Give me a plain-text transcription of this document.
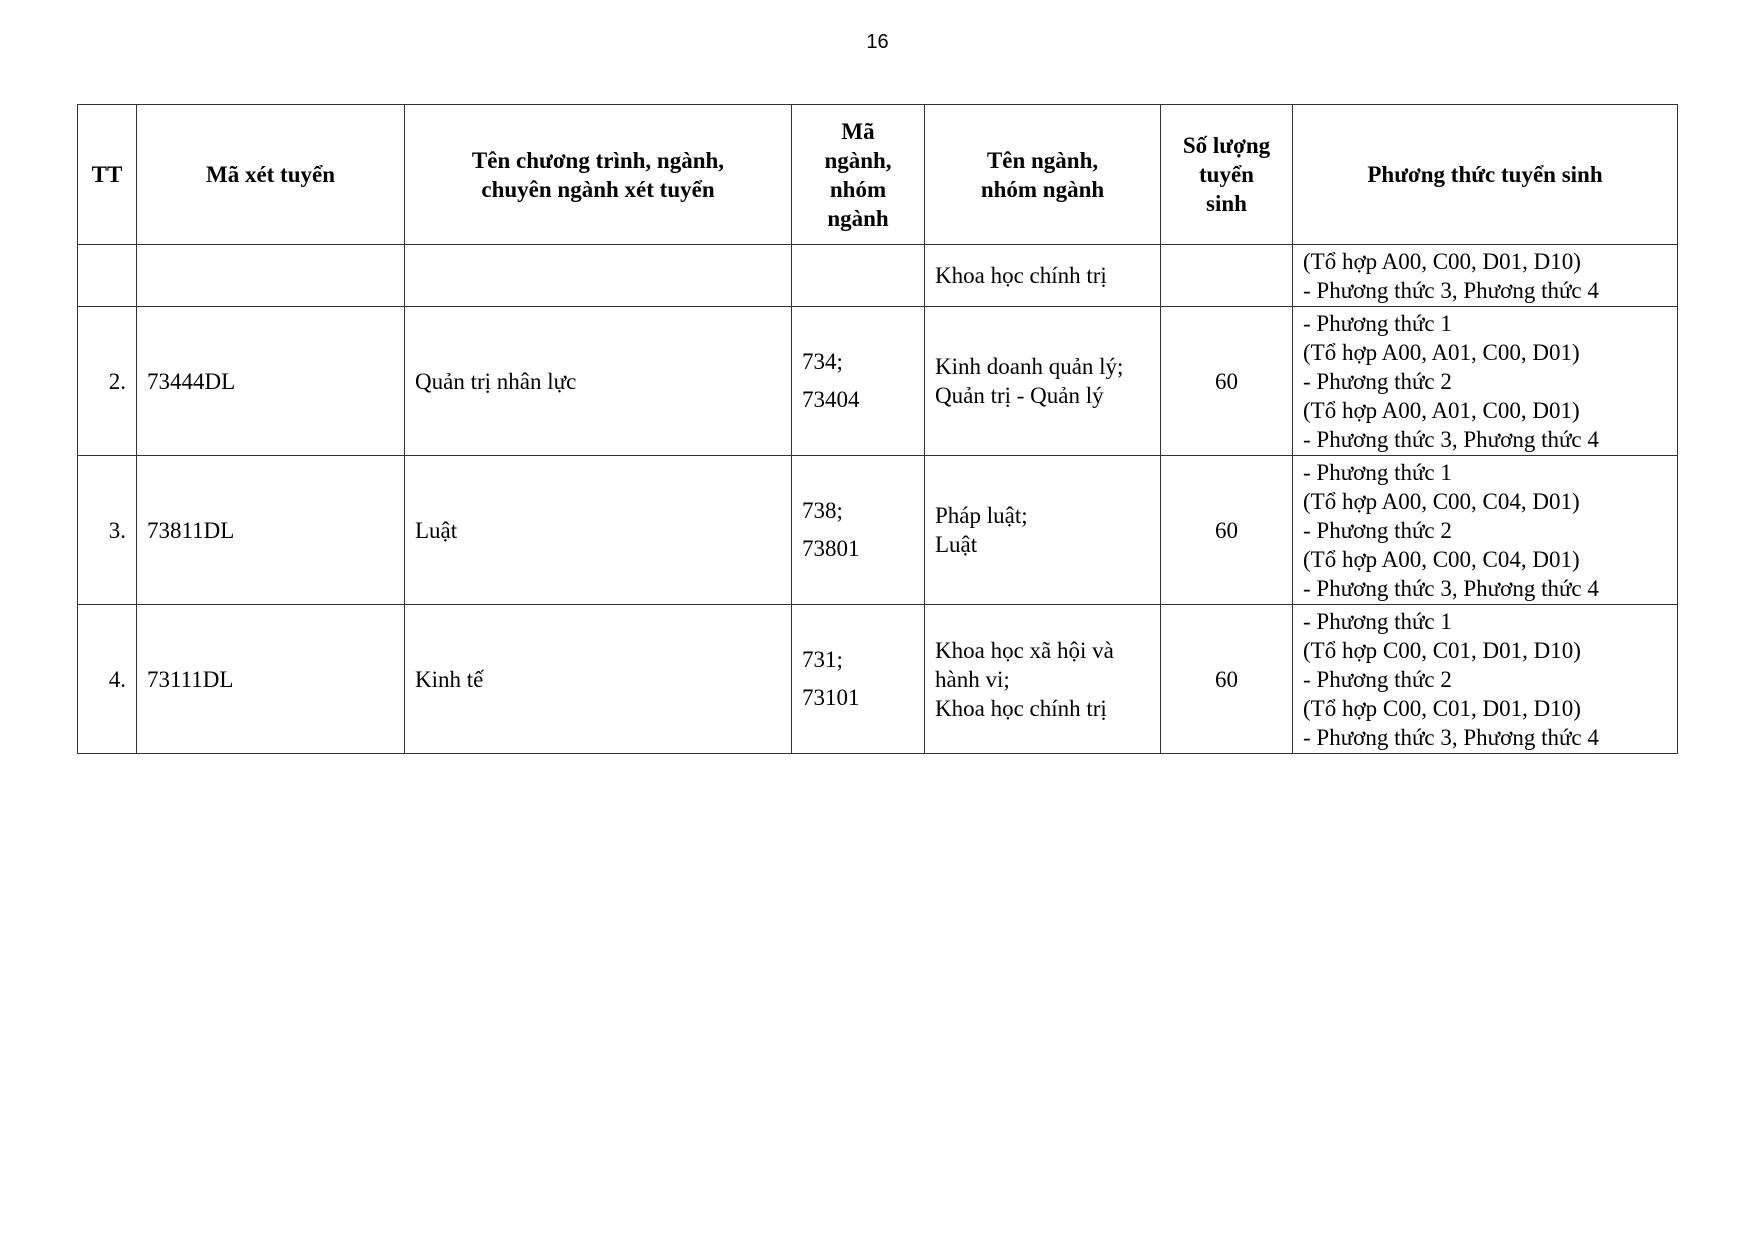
16
TT	Mã xét tuyển	Tên chương trình, ngành,
chuyên ngành xét tuyển	Mã
ngành,
nhóm
ngành	Tên ngành,
nhóm ngành	Số lượng
tuyển
sinh	Phương thức tuyển sinh
				Khoa học chính trị		(Tổ hợp A00, C00, D01, D10)
- Phương thức 3, Phương thức 4

2.	73444DL	Quản trị nhân lực	734;
73404	Kinh doanh quản lý;
Quản trị - Quản lý	60	- Phương thức 1
(Tổ hợp A00, A01, C00, D01)
- Phương thức 2
(Tổ hợp A00, A01, C00, D01)
- Phương thức 3, Phương thức 4

3.	73811DL	Luật	738;
73801	Pháp luật;
Luật	60	- Phương thức 1
(Tổ hợp A00, C00, C04, D01)
- Phương thức 2
(Tổ hợp A00, C00, C04, D01)
- Phương thức 3, Phương thức 4

4.	73111DL	Kinh tế	731;
73101	Khoa học xã hội và
hành vi;
Khoa học chính trị	60	- Phương thức 1
(Tổ hợp C00, C01, D01, D10)
- Phương thức 2
(Tổ hợp C00, C01, D01, D10)
- Phương thức 3, Phương thức 4
